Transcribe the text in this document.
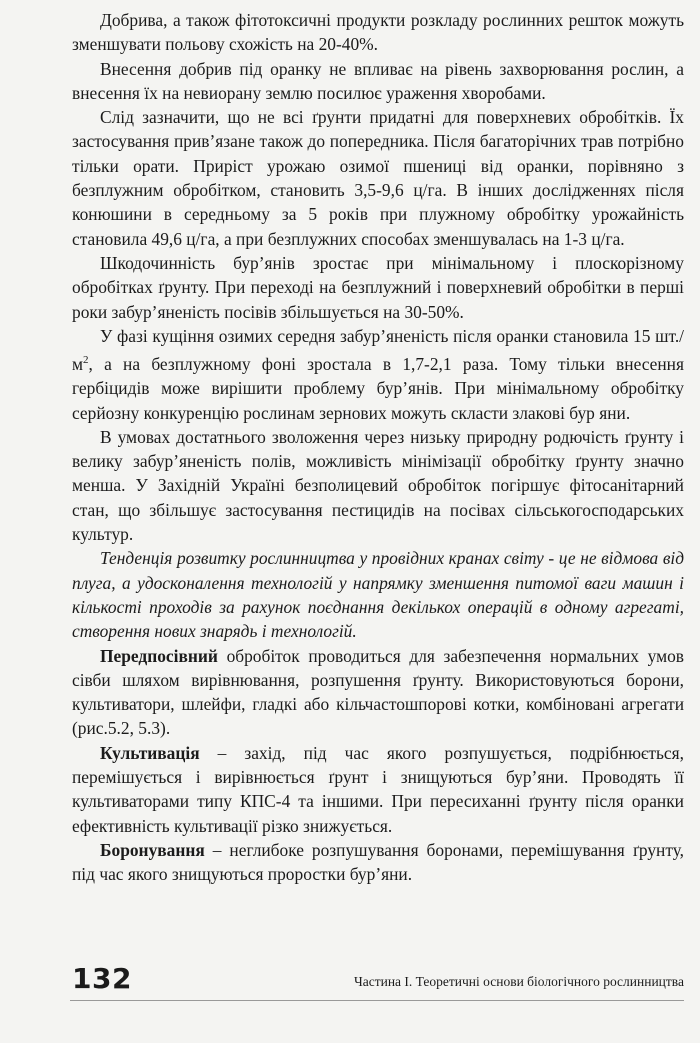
Добрива, а також фітотоксичні продукти розкладу рослинних решток можуть зменшувати польову схожість на 20-40%.

Внесення добрив під оранку не впливає на рівень захворювання рослин, а внесення їх на невиорану землю посилює ураження хворобами.

Слід зазначити, що не всі ґрунти придатні для поверхневих обробітків. Їх застосування прив’язане також до попередника. Після багаторічних трав потрібно тільки орати. Приріст урожаю озимої пшениці від оранки, порівняно з безплужним обробітком, становить 3,5-9,6 ц/га. В інших дослідженнях після конюшини в середньому за 5 років при плужному обробітку урожайність становила 49,6 ц/га, а при безплужних способах зменшувалась на 1-3 ц/га.

Шкодочинність бур’янів зростає при мінімальному і плоскорізному обробітках ґрунту. При переході на безплужний і поверхневий обробітки в перші роки забур’яненість посівів збільшується на 30-50%.

У фазі кущіння озимих середня забур’яненість після оранки становила 15 $шт./м^2$, а на безплужному фоні зростала в 1,7-2,1 раза. Тому тільки внесення гербіцидів може вирішити проблему бур’янів. При мінімальному обробітку серйозну конкуренцію рослинам зернових можуть скласти злакові бур яни.

В умовах достатнього зволоження через низьку природну родючість ґрунту і велику забур’яненість полів, можливість мінімізації обробітку ґрунту значно менша. У Західній Україні безполицевий обробіток погіршує фітосанітарний стан, що збільшує застосування пестицидів на посівах сільськогосподарських культур.

Тенденція розвитку рослинництва у провідних кранах світу - це не відмова від плуга, а удосконалення технологій у напрямку зменшення питомої ваги машин і кількості проходів за рахунок поєднання декількох операцій в одному агрегаті, створення нових знарядь і технологій.

Передпосівний обробіток проводиться для забезпечення нормальних умов сівби шляхом вирівнювання, розпушення ґрунту. Використовуються борони, культиватори, шлейфи, гладкі або кільчастошпорові котки, комбіновані агрегати (рис.5.2, 5.3).

Культивація – захід, під час якого розпушується, подрібнюється, перемішується і вирівнюється ґрунт і знищуються бур’яни. Проводять її культиваторами типу КПС-4 та іншими. При пересиханні ґрунту після оранки ефективність культивації різко знижується.

Боронування – неглибоке розпушування боронами, перемішування ґрунту, під час якого знищуються проростки бур’яни.

132	Частина І. Теоретичні основи біологічного рослинництва
